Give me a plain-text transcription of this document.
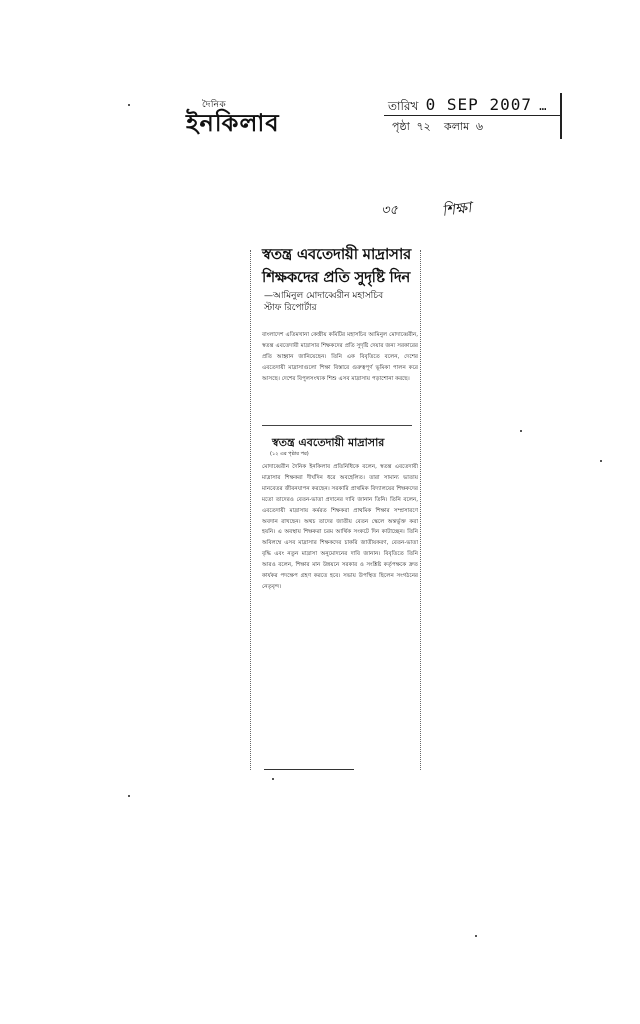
দৈনিক
ইনকিলাব
তারিখ 0 SEP 2007 …
পৃষ্ঠা ৭২ কলাম ৬
৩৫	শিক্ষা
স্বতন্ত্র এবতেদায়ী মাদ্রাসার শিক্ষকদের প্রতি সুদৃষ্টি দিন
—আমিনুল মোদাব্বেরীন মহাসচিব
স্টাফ রিপোর্টার
বাংলাদেশ এতিমখানা কেন্দ্রীয় কমিটির মহাসচিব আমিনুল মোদাব্বেরীন, স্বতন্ত্র এবতেদায়ী মাদ্রাসার শিক্ষকদের প্রতি সুদৃষ্টি দেয়ার জন্য সরকারের প্রতি আহ্বান জানিয়েছেন। তিনি এক বিবৃতিতে বলেন, দেশের এবতেদায়ী মাদ্রাসাগুলো শিক্ষা বিস্তারে গুরুত্বপূর্ণ ভূমিকা পালন করে আসছে। দেশের বিপুলসংখ্যক শিশু এসব মাদ্রাসায় পড়াশোনা করছে।
স্বতন্ত্র এবতেদায়ী মাদ্রাসার
(১২ এর পৃষ্ঠার পর)
মোদাব্বেরীন দৈনিক ইনকিলাব প্রতিনিধিকে বলেন, স্বতন্ত্র এবতেদায়ী মাদ্রাসার শিক্ষকরা দীর্ঘদিন ধরে অবহেলিত। তারা সামান্য ভাতায় মানবেতর জীবনযাপন করছেন। সরকারি প্রাথমিক বিদ্যালয়ের শিক্ষকদের মতো তাদেরও বেতন-ভাতা প্রদানের দাবি জানান তিনি। তিনি বলেন, এবতেদায়ী মাদ্রাসায় কর্মরত শিক্ষকরা প্রাথমিক শিক্ষার সম্প্রসারণে অবদান রাখছেন। অথচ তাদের জাতীয় বেতন স্কেলে অন্তর্ভুক্ত করা হয়নি। এ অবস্থায় শিক্ষকরা চরম আর্থিক সংকটে দিন কাটাচ্ছেন। তিনি অবিলম্বে এসব মাদ্রাসার শিক্ষকদের চাকরি জাতীয়করণ, বেতন-ভাতা বৃদ্ধি এবং নতুন মাদ্রাসা অনুমোদনের দাবি জানান। বিবৃতিতে তিনি আরও বলেন, শিক্ষার মান উন্নয়নে সরকার ও সংশ্লিষ্ট কর্তৃপক্ষকে দ্রুত কার্যকর পদক্ষেপ গ্রহণ করতে হবে। সভায় উপস্থিত ছিলেন সংগঠনের নেতৃবৃন্দ।
